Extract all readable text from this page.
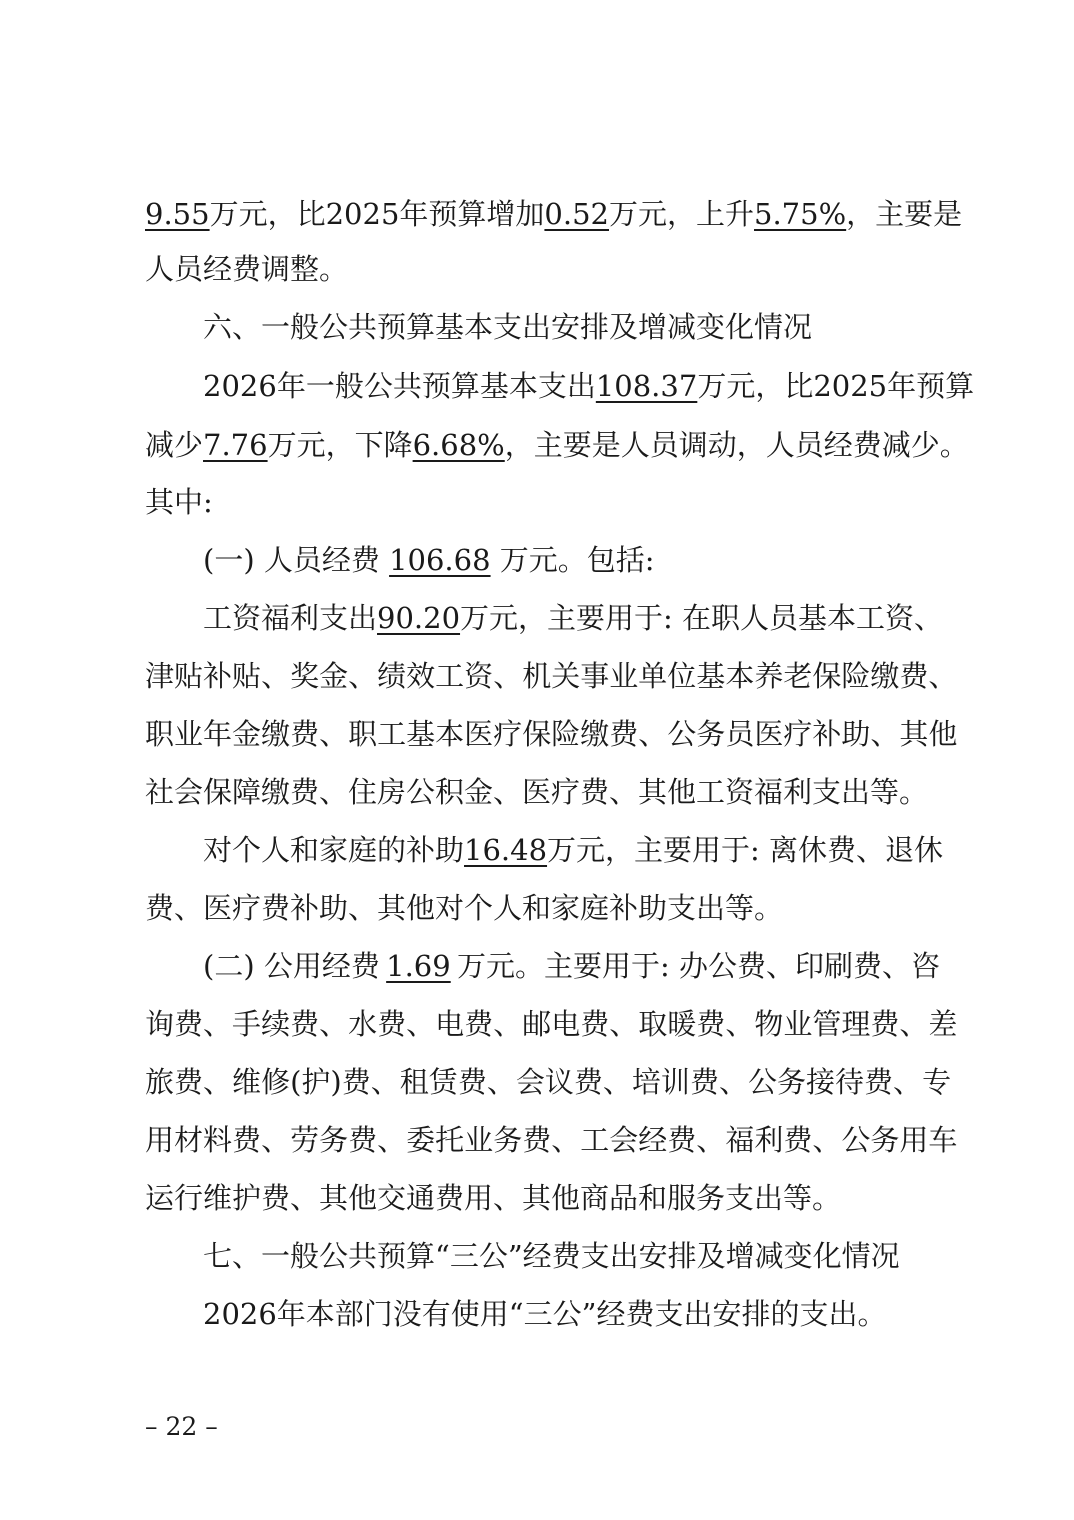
9.55 万元，比 2025 年预算增加 0.52 万元，上升 5.75% ，主要是
人员经费调整。
六、一般公共预算基本支出安排及增减变化情况
2026 年一般公共预算基本支出 108.37 万元，比 2025 年预算
减少 7.76 万元，下降 6.68% ，主要是人员调动，人员经费减少。
其中:
(一) 人员经费 106.68 万元。包括:
工资福利支出 90.20 万元，主要用于: 在职人员基本工资、
津 贴 补 贴 、 奖 金 、 绩 效 工 资 、 机 关 事 业 单 位 基 本 养 老 保 险 缴 费 、
职 业 年 金 缴 费 、 职 工 基 本 医 疗 保 险 缴 费 、 公 务 员 医 疗 补 助 、 其 他
社会保障缴费、住房公积金、医疗费、其他工资福利支出等。
对个人和家庭的补助 16.48 万元，主要用于: 离休费、退休
费、医疗费补助、其他对个人和家庭补助支出等。
(二) 公用经费 1.69 万元。主要用于: 办公费、印刷费、咨
询 费 、 手 续 费 、 水 费 、 电 费 、 邮 电 费 、 取 暖 费 、 物 业 管 理 费 、 差
旅 费 、 维 修 ( 护 ) 费 、 租 赁 费 、 会 议 费 、 培 训 费 、 公 务 接 待 费 、 专
用 材 料 费 、 劳 务 费 、 委 托 业 务 费 、 工 会 经 费 、 福 利 费 、 公 务 用 车
运行维护费、其他交通费用、其他商品和服务支出等。
七、一般公共预算“三公”经费支出安排及增减变化情况
2026年本部门没有使用“三公”经费支出安排的支出。
– 22 –
